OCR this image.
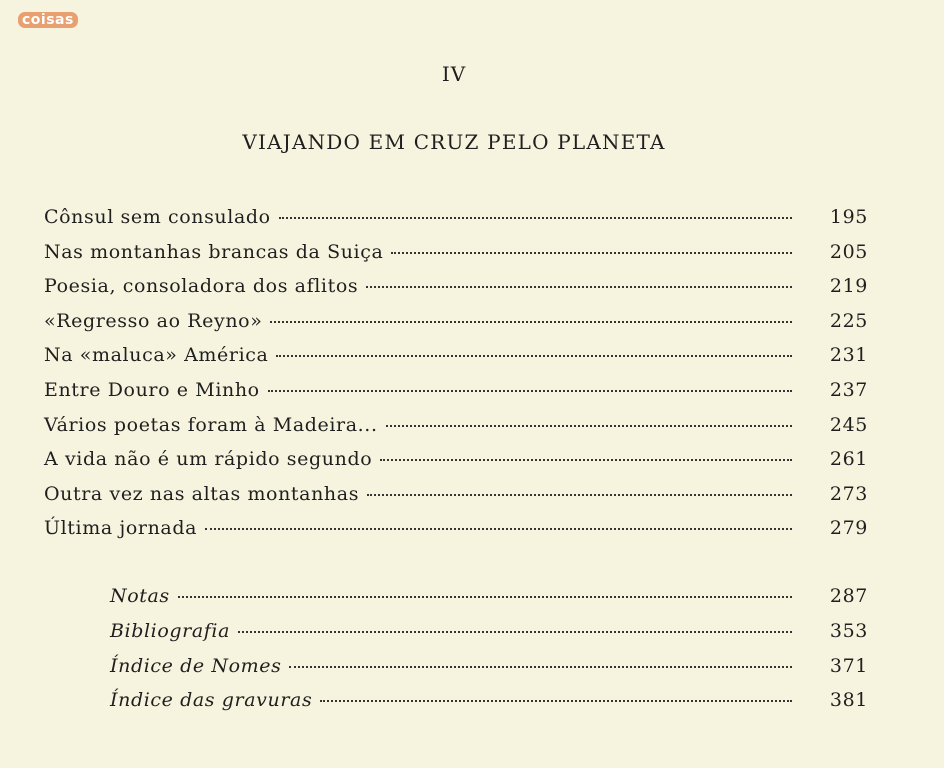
coisas
IV
VIAJANDO EM CRUZ PELO PLANETA
Cônsul sem consulado	195
Nas montanhas brancas da Suiça	205
Poesia, consoladora dos aflitos	219
«Regresso ao Reyno»	225
Na «maluca» América	231
Entre Douro e Minho	237
Vários poetas foram à Madeira...	245
A vida não é um rápido segundo	261
Outra vez nas altas montanhas	273
Última jornada	279
Notas	287
Bibliografia	353
Índice de Nomes	371
Índice das gravuras	381
